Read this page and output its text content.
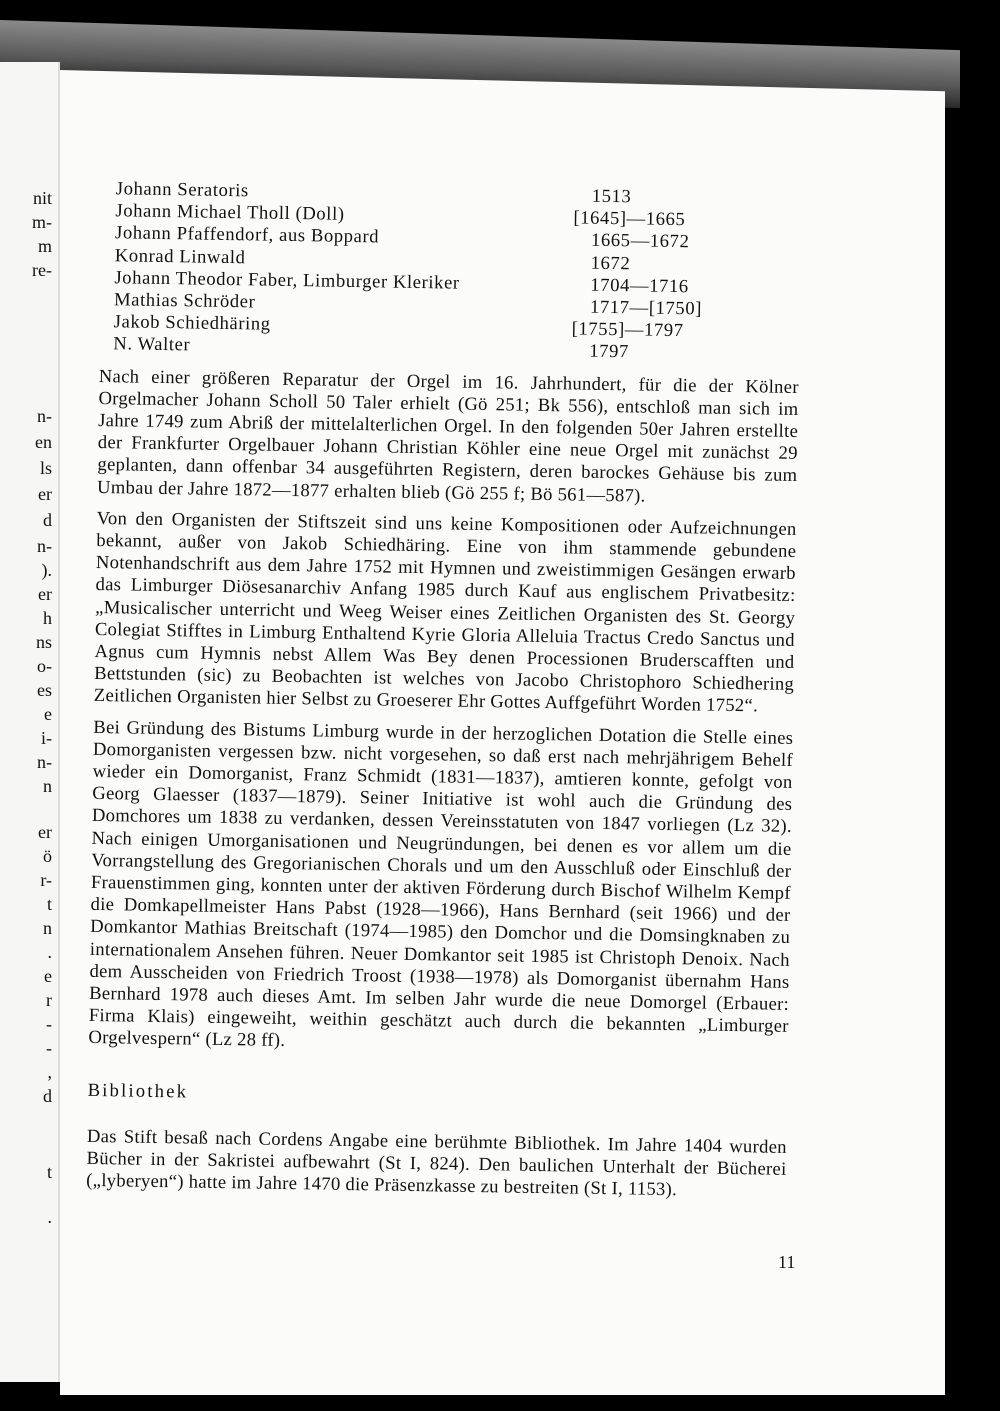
nit
m-
m
re-
n-
en
ls
er
d
n-
).
er
h
ns
o-
es
e
i-
n-
n
er
ö
r-
t
n
.
e
r
-
-
,
d
t
.
Johann Seratoris	1513
Johann Michael Tholl (Doll)	[1645]—1665
Johann Pfaffendorf, aus Boppard	1665—1672
Konrad Linwald	1672
Johann Theodor Faber, Limburger Kleriker	1704—1716
Mathias Schröder	1717—[1750]
Jakob Schiedhäring	[1755]—1797
N. Walter	1797

Nach einer größeren Reparatur der Orgel im 16. Jahrhundert, für die der Kölner Orgelmacher Johann Scholl 50 Taler erhielt (Gö 251; Bk 556), entschloß man sich im Jahre 1749 zum Abriß der mittelalterlichen Orgel. In den folgenden 50er Jahren erstellte der Frankfurter Orgelbauer Johann Christian Köhler eine neue Orgel mit zunächst 29 geplanten, dann offenbar 34 ausgeführten Registern, deren barockes Gehäuse bis zum Umbau der Jahre 1872—1877 erhalten blieb (Gö 255 f; Bö 561—587).

Von den Organisten der Stiftszeit sind uns keine Kompositionen oder Aufzeichnungen bekannt, außer von Jakob Schiedhäring. Eine von ihm stammende gebundene Notenhandschrift aus dem Jahre 1752 mit Hymnen und zweistimmigen Gesängen erwarb das Limburger Diösesanarchiv Anfang 1985 durch Kauf aus englischem Privatbesitz: „Musicalischer unterricht und Weeg Weiser eines Zeitlichen Organisten des St. Georgy Colegiat Stifftes in Limburg Enthaltend Kyrie Gloria Alleluia Tractus Credo Sanctus und Agnus cum Hymnis nebst Allem Was Bey denen Processionen Bruderscafften und Bettstunden (sic) zu Beobachten ist welches von Jacobo Christophoro Schiedhering Zeitlichen Organisten hier Selbst zu Groeserer Ehr Gottes Auffgeführt Worden 1752“.

Bei Gründung des Bistums Limburg wurde in der herzoglichen Dotation die Stelle eines Domorganisten vergessen bzw. nicht vorgesehen, so daß erst nach mehrjährigem Behelf wieder ein Domorganist, Franz Schmidt (1831—1837), amtieren konnte, gefolgt von Georg Glaesser (1837—1879). Seiner Initiative ist wohl auch die Gründung des Domchores um 1838 zu verdanken, dessen Vereinsstatuten von 1847 vorliegen (Lz 32). Nach einigen Umorganisationen und Neugründungen, bei denen es vor allem um die Vorrangstellung des Gregorianischen Chorals und um den Ausschluß oder Einschluß der Frauenstimmen ging, konnten unter der aktiven Förderung durch Bischof Wilhelm Kempf die Domkapellmeister Hans Pabst (1928—1966), Hans Bernhard (seit 1966) und der Domkantor Mathias Breitschaft (1974—1985) den Domchor und die Domsingknaben zu internationalem Ansehen führen. Neuer Domkantor seit 1985 ist Christoph Denoix. Nach dem Ausscheiden von Friedrich Troost (1938—1978) als Domorganist übernahm Hans Bernhard 1978 auch dieses Amt. Im selben Jahr wurde die neue Domorgel (Erbauer: Firma Klais) eingeweiht, weithin geschätzt auch durch die bekannten „Limburger Orgelvespern“ (Lz 28 ff).

Bibliothek

Das Stift besaß nach Cordens Angabe eine berühmte Bibliothek. Im Jahre 1404 wurden Bücher in der Sakristei aufbewahrt (St I, 824). Den baulichen Unterhalt der Bücherei („lyberyen“) hatte im Jahre 1470 die Präsenzkasse zu bestreiten (St I, 1153).

11
